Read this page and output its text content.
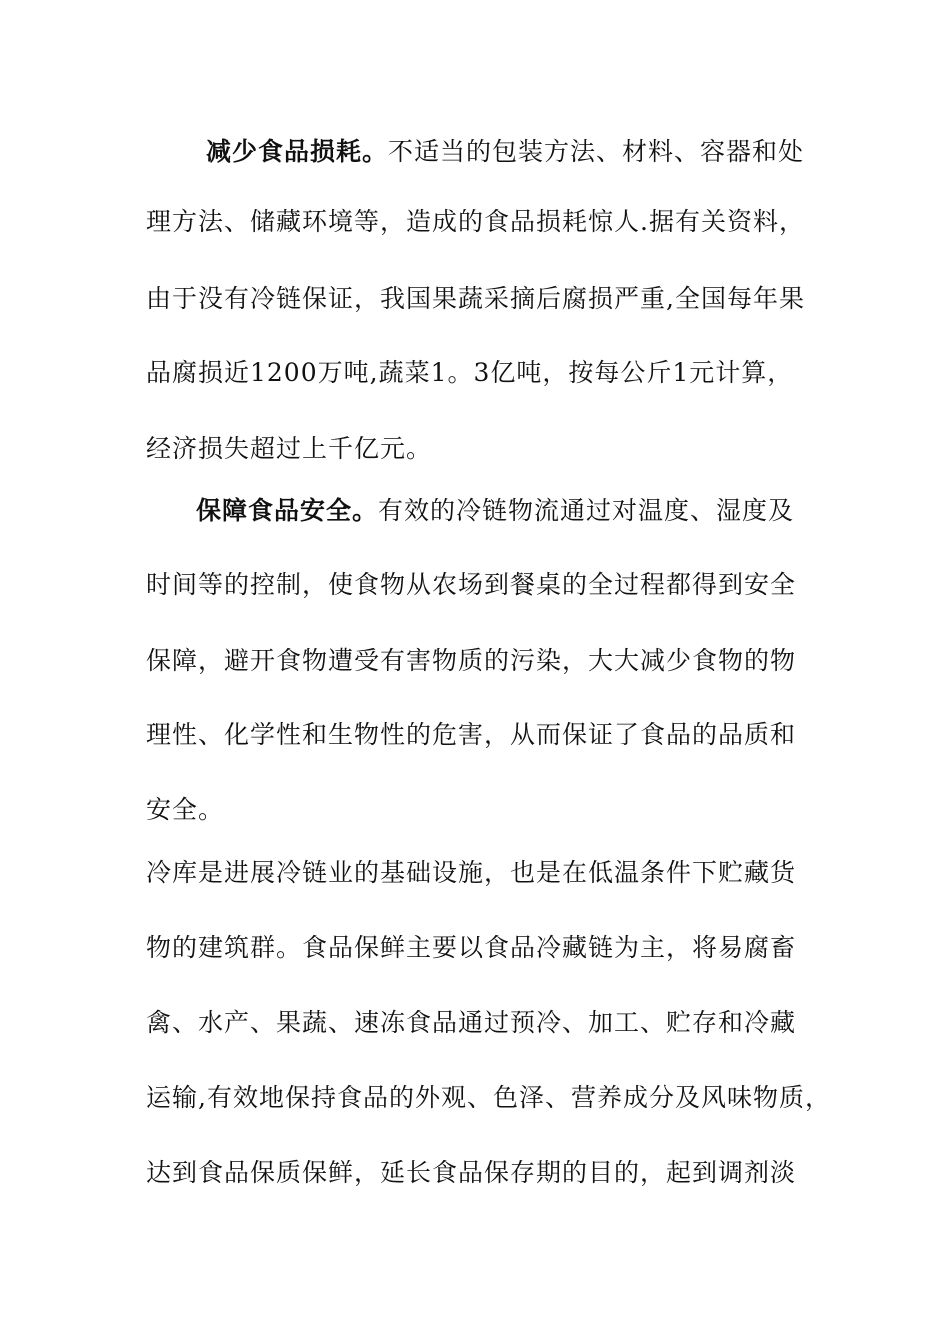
减少食品损耗。不适当的包装方法、材料、容器和处
理方法、储藏环境等，造成的食品损耗惊人.据有关资料，
由于没有冷链保证，我国果蔬采摘后腐损严重,全国每年果
品腐损近1200万吨,蔬菜1。3亿吨，按每公斤1元计算，
经济损失超过上千亿元。
保障食品安全。有效的冷链物流通过对温度、湿度及
时间等的控制，使食物从农场到餐桌的全过程都得到安全
保障，避开食物遭受有害物质的污染，大大减少食物的物
理性、化学性和生物性的危害，从而保证了食品的品质和
安全。
冷库是进展冷链业的基础设施，也是在低温条件下贮藏货
物的建筑群。食品保鲜主要以食品冷藏链为主，将易腐畜
禽、水产、果蔬、速冻食品通过预冷、加工、贮存和冷藏
运输,有效地保持食品的外观、色泽、营养成分及风味物质，
达到食品保质保鲜，延长食品保存期的目的，起到调剂淡
